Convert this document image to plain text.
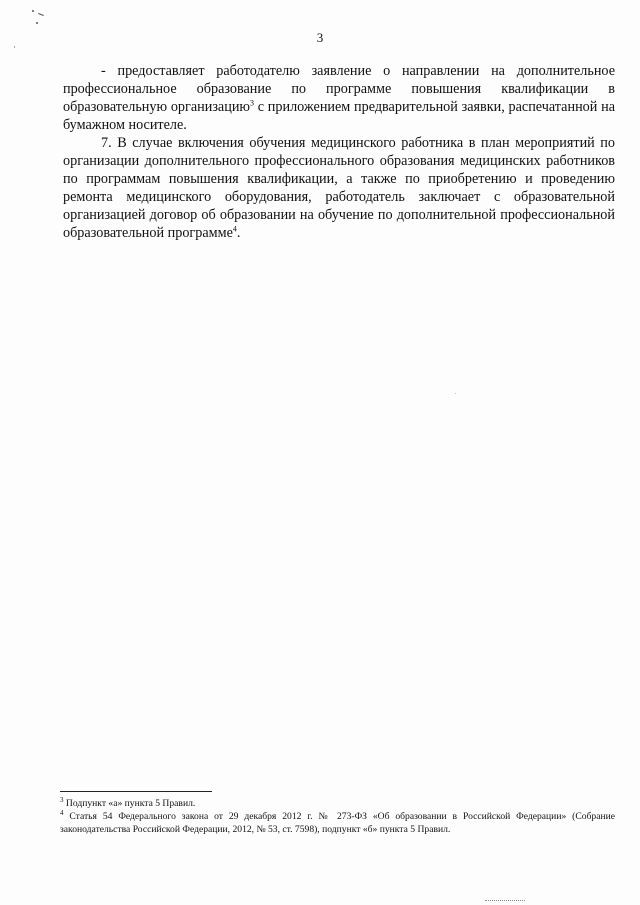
3

- предоставляет работодателю заявление о направлении на дополнительное профессиональное образование по программе повышения квалификации в образовательную организацию$^3$ с приложением предварительной заявки, распечатанной на бумажном носителе.

7. В случае включения обучения медицинского работника в план мероприятий по организации дополнительного профессионального образования медицинских работников по программам повышения квалификации, а также по приобретению и проведению ремонта медицинского оборудования, работодатель заключает с образовательной организацией договор об образовании на обучение по дополнительной профессиональной образовательной программе$^4$.

$^3$ Подпункт «а» пункта 5 Правил.

$^4$ Статья 54 Федерального закона от 29 декабря 2012 г. № 273-ФЗ «Об образовании в Российской Федерации» (Собрание законодательства Российской Федерации, 2012, № 53, ст. 7598), подпункт «б» пункта 5 Правил.
